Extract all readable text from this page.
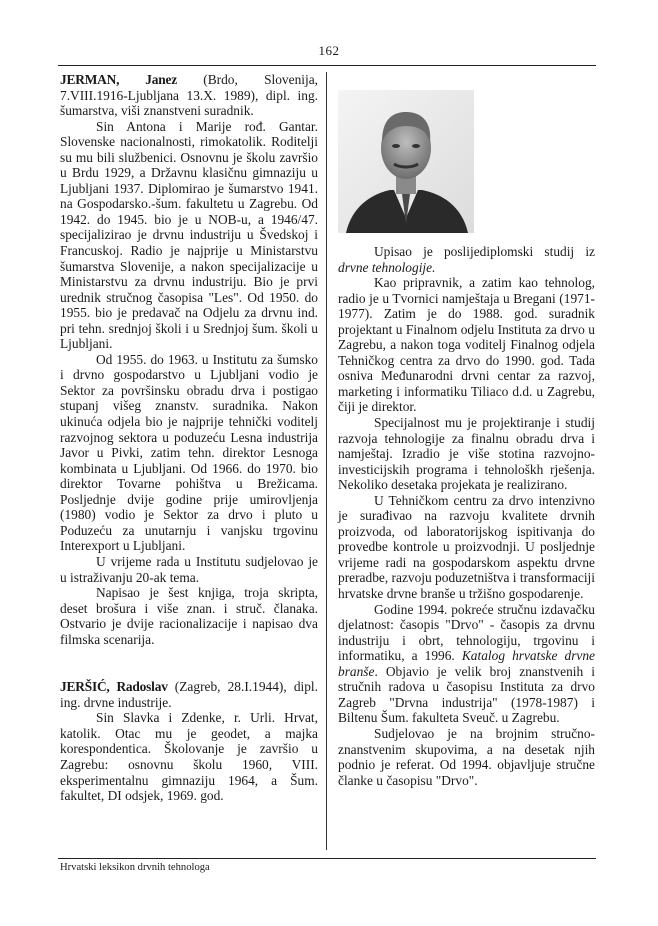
162

JERMAN, Janez (Brdo, Slovenija, 7.VIII.1916-Ljubljana 13.X. 1989), dipl. ing. šumarstva, viši znanstveni suradnik.

Sin Antona i Marije rođ. Gantar. Slovenske nacionalnosti, rimokatolik. Roditelji su mu bili službenici. Osnovnu je školu završio u Brdu 1929, a Državnu klasičnu gimnaziju u Ljubljani 1937. Diplomirao je šumarstvo 1941. na Gospodarsko.-šum. fakultetu u Zagrebu. Od 1942. do 1945. bio je u NOB-u, a 1946/47. specijalizirao je drvnu industriju u Švedskoj i Francuskoj. Radio je najprije u Ministarstvu šumarstva Slovenije, a nakon specijalizacije u Ministarstvu za drvnu industriju. Bio je prvi urednik stručnog časopisa "Les". Od 1950. do 1955. bio je predavač na Odjelu za drvnu ind. pri tehn. srednjoj školi i u Srednjoj šum. školi u Ljubljani.

Od 1955. do 1963. u Institutu za šumsko i drvno gospodarstvo u Ljubljani vodio je Sektor za površinsku obradu drva i postigao stupanj višeg znanstv. suradnika. Nakon ukinuća odjela bio je najprije tehnički voditelj razvojnog sektora u poduzeću Lesna industrija Javor u Pivki, zatim tehn. direktor Lesnoga kombinata u Ljubljani. Od 1966. do 1970. bio direktor Tovarne pohištva u Brežicama. Posljednje dvije godine prije umirovljenja (1980) vodio je Sektor za drvo i pluto u Poduzeću za unutarnju i vanjsku trgovinu Interexport u Ljubljani.

U vrijeme rada u Institutu sudjelovao je u istraživanju 20-ak tema.

Napisao je šest knjiga, troja skripta, deset brošura i više znan. i struč. članaka. Ostvario je dvije racionalizacije i napisao dva filmska scenarija.

JERŠIĆ, Radoslav (Zagreb, 28.I.1944), dipl. ing. drvne industrije.

Sin Slavka i Zdenke, r. Urli. Hrvat, katolik. Otac mu je geodet, a majka korespondentica. Školovanje je završio u Zagrebu: osnovnu školu 1960, VIII. eksperimentalnu gimnaziju 1964, a Šum. fakultet, DI odsjek, 1969. god.

Upisao je poslijediplomski studij iz drvne tehnologije.

Kao pripravnik, a zatim kao tehnolog, radio je u Tvornici namještaja u Bregani (1971-1977). Zatim je do 1988. god. suradnik projektant u Finalnom odjelu Instituta za drvo u Zagrebu, a nakon toga voditelj Finalnog odjela Tehničkog centra za drvo do 1990. god. Tada osniva Međunarodni drvni centar za razvoj, marketing i informatiku Tiliaco d.d. u Zagrebu, čiji je direktor.

Specijalnost mu je projektiranje i studij razvoja tehnologije za finalnu obradu drva i namještaj. Izradio je više stotina razvojno-investicijskih programa i tehnološkh rješenja. Nekoliko desetaka projekata je realizirano.

U Tehničkom centru za drvo intenzivno je surađivao na razvoju kvalitete drvnih proizvoda, od laboratorijskog ispitivanja do provedbe kontrole u proizvodnji. U posljednje vrijeme radi na gospodarskom aspektu drvne preradbe, razvoju poduzetništva i transformaciji hrvatske drvne branše u tržišno gospodarenje.

Godine 1994. pokreće stručnu izdavačku djelatnost: časopis "Drvo" - časopis za drvnu industriju i obrt, tehnologiju, trgovinu i informatiku, a 1996. Katalog hrvatske drvne branše. Objavio je velik broj znanstvenih i stručnih radova u časopisu Instituta za drvo Zagreb "Drvna industrija" (1978-1987) i Biltenu Šum. fakulteta Sveuč. u Zagrebu.

Sudjelovao je na brojnim stručno-znanstvenim skupovima, a na desetak njih podnio je referat. Od 1994. objavljuje stručne članke u časopisu "Drvo".

Hrvatski leksikon drvnih tehnologa
